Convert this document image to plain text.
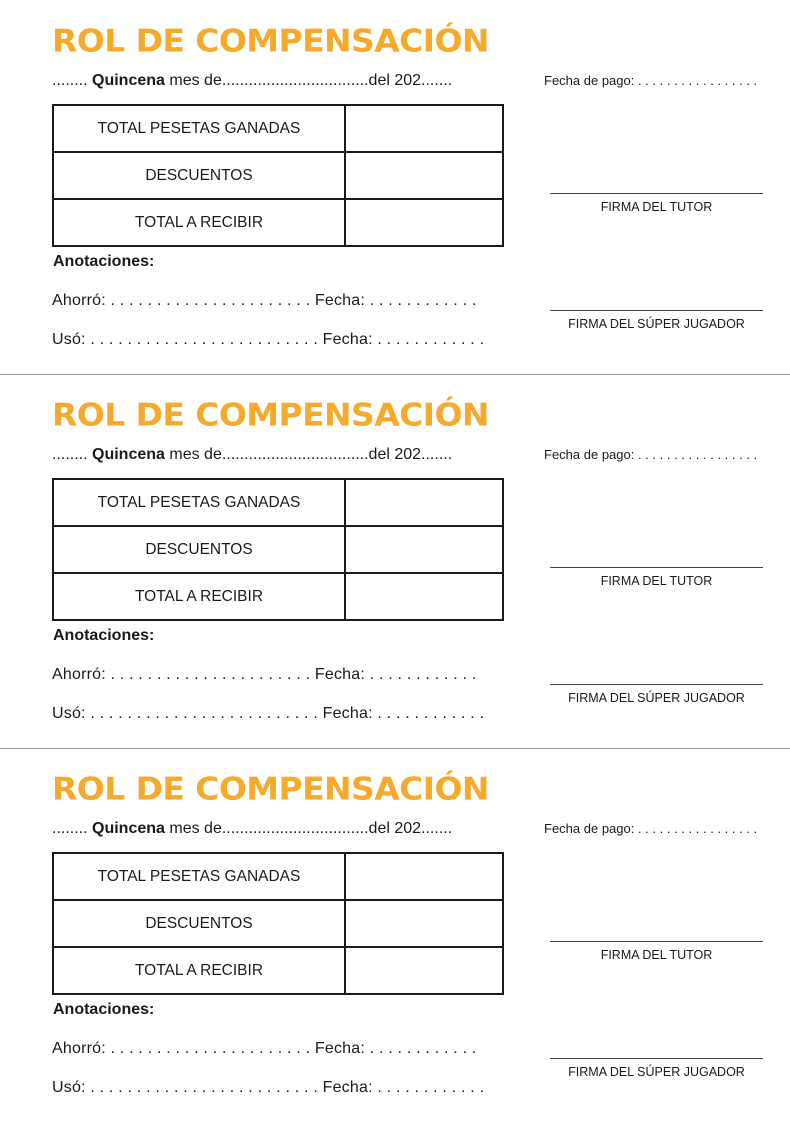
ROL DE COMPENSACIÓN
........ Quincena mes de.................................del 202.......	Fecha de pago: . . . . . . . . . . . . . . . . .
TOTAL PESETAS GANADAS	
DESCUENTOS	
TOTAL A RECIBIR	
Anotaciones:
Ahorró: . . . . . . . . . . . . . . . . . . . . . . Fecha: . . . . . . . . . . . .
Usó: . . . . . . . . . . . . . . . . . . . . . . . . . Fecha: . . . . . . . . . . . .
FIRMA DEL TUTOR
FIRMA DEL SÚPER JUGADOR
ROL DE COMPENSACIÓN
........ Quincena mes de.................................del 202.......	Fecha de pago: . . . . . . . . . . . . . . . . .
TOTAL PESETAS GANADAS	
DESCUENTOS	
TOTAL A RECIBIR	
Anotaciones:
Ahorró: . . . . . . . . . . . . . . . . . . . . . . Fecha: . . . . . . . . . . . .
Usó: . . . . . . . . . . . . . . . . . . . . . . . . . Fecha: . . . . . . . . . . . .
FIRMA DEL TUTOR
FIRMA DEL SÚPER JUGADOR
ROL DE COMPENSACIÓN
........ Quincena mes de.................................del 202.......	Fecha de pago: . . . . . . . . . . . . . . . . .
TOTAL PESETAS GANADAS	
DESCUENTOS	
TOTAL A RECIBIR	
Anotaciones:
Ahorró: . . . . . . . . . . . . . . . . . . . . . . Fecha: . . . . . . . . . . . .
Usó: . . . . . . . . . . . . . . . . . . . . . . . . . Fecha: . . . . . . . . . . . .
FIRMA DEL TUTOR
FIRMA DEL SÚPER JUGADOR
